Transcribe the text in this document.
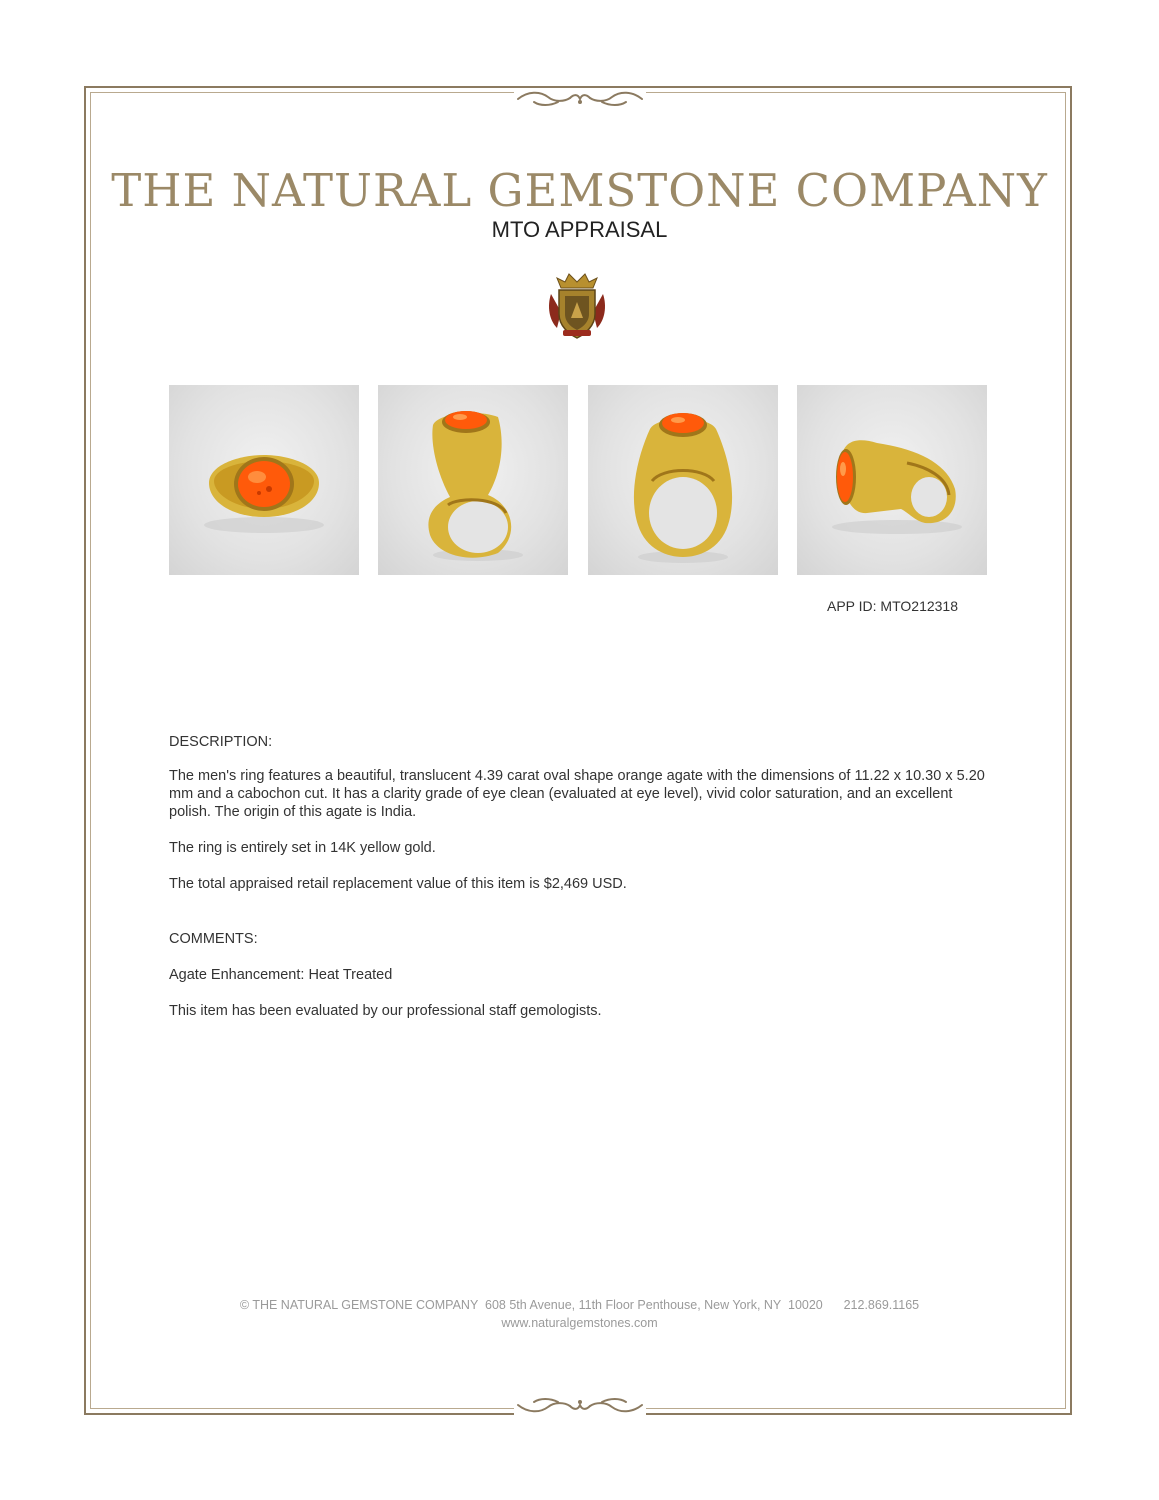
THE NATURAL GEMSTONE COMPANY
MTO APPRAISAL
APP ID: MTO212318
DESCRIPTION:
The men's ring features a beautiful, translucent 4.39 carat oval shape orange agate with the dimensions of 11.22 x 10.30 x 5.20 mm and a cabochon cut. It has a clarity grade of eye clean (evaluated at eye level), vivid color saturation, and an excellent polish. The origin of this agate is India.
The ring is entirely set in 14K yellow gold.
The total appraised retail replacement value of this item is $2,469 USD.
COMMENTS:
Agate Enhancement: Heat Treated
This item has been evaluated by our professional staff gemologists.
© THE NATURAL GEMSTONE COMPANY  608 5th Avenue, 11th Floor Penthouse, New York, NY  10020      212.869.1165
www.naturalgemstones.com
